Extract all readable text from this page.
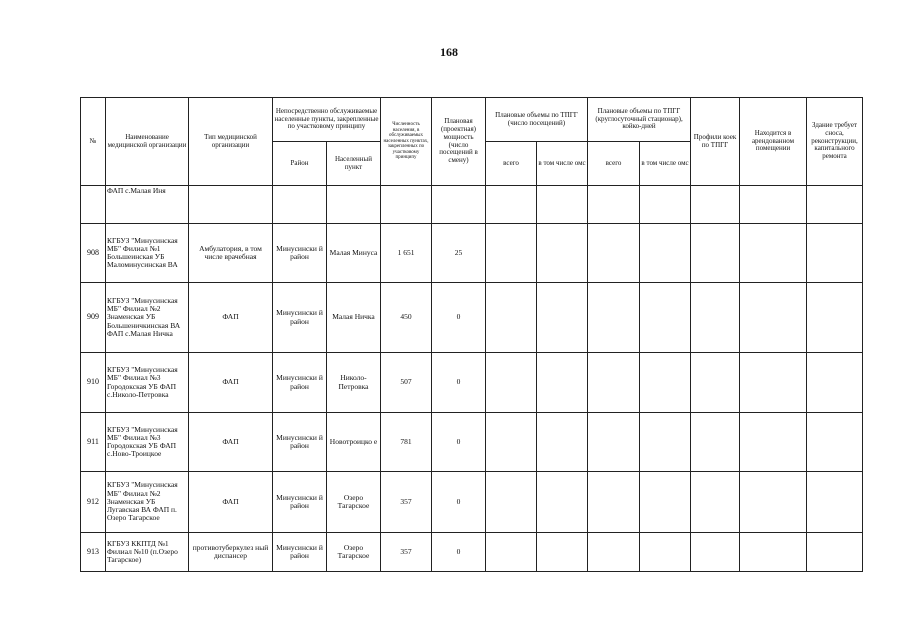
168
№	Наименование медицинской организации	Тип медицинской организации	Непосредственно обслуживаемые населенные пункты, закрепленные по участковому принципу		Численность населения, в обслуживаемых населенных пунктах, закрепленных по участковому принципу	Плановая (проектная) мощность (число посещений в смену)	Плановые объемы по ТПГГ (число посещений)		Плановые объемы по ТПГГ (круглосуточный стационар), койко-дней		Профили коек по ТПГГ	Находится в арендованном помещении	Здание требует сноса, реконструкции, капитального ремонта
			Район	Населенный пункт			всего	в том числе омс	всего	в том числе омс			
	ФАП с.Малая Иня												
908	КГБУЗ "Минусинская МБ" Филиал №1 Большеинская УБ Маломинусинская ВА	Амбулатория, в том числе врачебная	Минусински й район	Малая Минуса	1 651	25							
909	КГБУЗ "Минусинская МБ" Филиал №2 Знаменская УБ Большеничкинская ВА ФАП с.Малая Ничка	ФАП	Минусински й район	Малая Ничка	450	0							
910	КГБУЗ "Минусинская МБ" Филиал №3 Городокская УБ ФАП с.Николо-Петровка	ФАП	Минусински й район	Николо-Петровка	507	0							
911	КГБУЗ "Минусинская МБ" Филиал №3 Городокская УБ ФАП с.Ново-Троицкое	ФАП	Минусински й район	Новотроицко е	781	0							
912	КГБУЗ "Минусинская МБ" Филиал №2 Знаменская УБ Лугавская ВА ФАП п. Озеро Тагарское	ФАП	Минусински й район	Озеро Тагарское	357	0							
913	КГБУЗ ККПТД №1 Филиал №10 (п.Озеро Тагарское)	противотуберкулез ный диспансер	Минусински й район	Озеро Тагарское	357	0							
